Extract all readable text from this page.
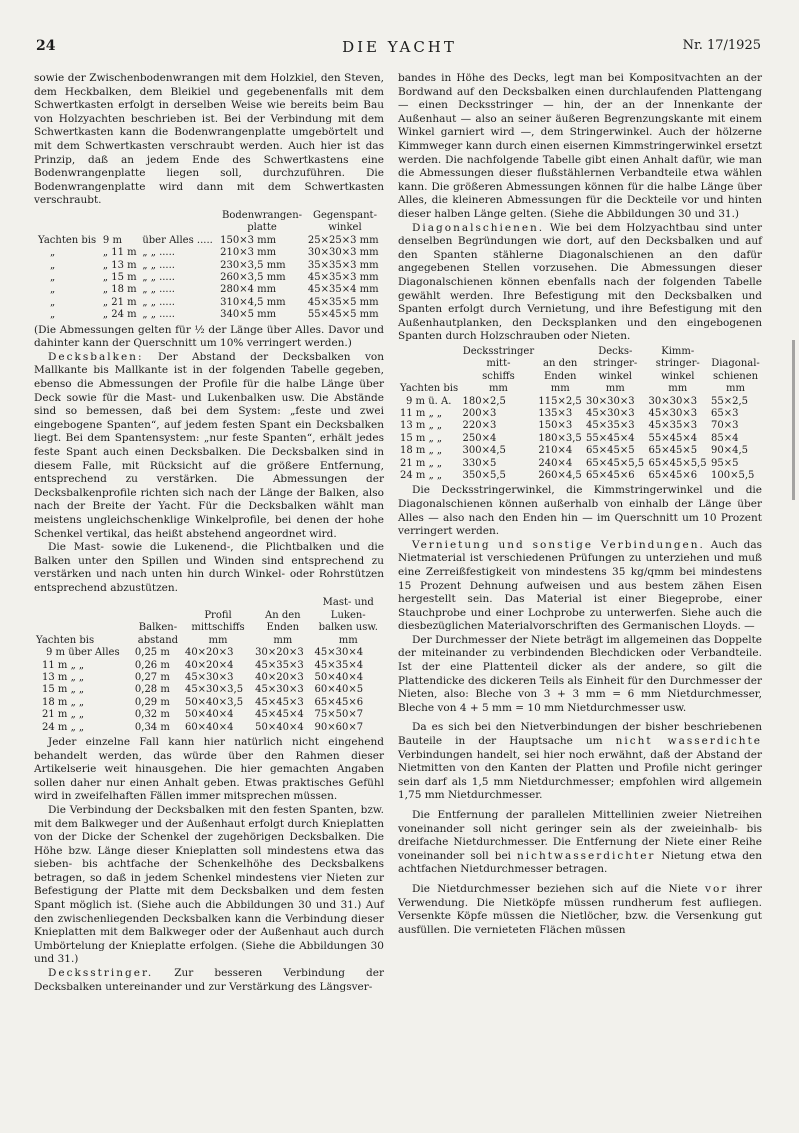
24	DIE YACHT	Nr. 17/1925

sowie der Zwischenbodenwrangen mit dem Holzkiel, den Steven, dem Heckbalken, dem Bleikiel und gegebenenfalls mit dem Schwertkasten erfolgt in derselben Weise wie bereits beim Bau von Holzyachten beschrieben ist. Bei der Verbindung mit dem Schwertkasten kann die Bodenwrangenplatte umgebörtelt und mit dem Schwertkasten verschraubt werden. Auch hier ist das Prinzip, daß an jedem Ende des Schwertkastens eine Bodenwrangenplatte liegen soll, durchzuführen. Die Bodenwrangenplatte wird dann mit dem Schwertkasten verschraubt.

			Bodenwrangen-
platte	Gegenspant-
winkel
Yachten bis	9 m	über Alles .....	150×3 mm	25×25×3 mm
„	„ 11 m	„ „ .....	210×3 mm	30×30×3 mm
„	„ 13 m	„ „ .....	230×3,5 mm	35×35×3 mm
„	„ 15 m	„ „ .....	260×3,5 mm	45×35×3 mm
„	„ 18 m	„ „ .....	280×4 mm	45×35×4 mm
„	„ 21 m	„ „ .....	310×4,5 mm	45×35×5 mm
„	„ 24 m	„ „ .....	340×5 mm	55×45×5 mm

(Die Abmessungen gelten für ½ der Länge über Alles. Davor und dahinter kann der Querschnitt um 10% verringert werden.)

Decksbalken: Der Abstand der Decksbalken von Mallkante bis Mallkante ist in der folgenden Tabelle gegeben, ebenso die Abmessungen der Profile für die halbe Länge über Deck sowie für die Mast- und Lukenbalken usw. Die Abstände sind so bemessen, daß bei dem System: „feste und zwei eingebogene Spanten“, auf jedem festen Spant ein Decksbalken liegt. Bei dem Spantensystem: „nur feste Spanten“, erhält jedes feste Spant auch einen Decksbalken. Die Decksbalken sind in diesem Falle, mit Rücksicht auf die größere Entfernung, entsprechend zu verstärken. Die Abmessungen der Decksbalkenprofile richten sich nach der Länge der Balken, also nach der Breite der Yacht. Für die Decksbalken wählt man meistens ungleichschenklige Winkelprofile, bei denen der hohe Schenkel vertikal, das heißt abstehend angeordnet wird.

Die Mast- sowie die Lukenend-, die Plichtbalken und die Balken unter den Spillen und Winden sind entsprechend zu verstärken und nach unten hin durch Winkel- oder Rohrstützen entsprechend abzustützen.

Yachten bis	Balken-
abstand	Profil
mittschiffs
mm	An den
Enden
mm	Mast- und
Luken-
balken usw.
mm
9 m über Alles	0,25 m	40×20×3	30×20×3	45×30×4
11 m „ „	0,26 m	40×20×4	45×35×3	45×35×4
13 m „ „	0,27 m	45×30×3	40×20×3	50×40×4
15 m „ „	0,28 m	45×30×3,5	45×30×3	60×40×5
18 m „ „	0,29 m	50×40×3,5	45×45×3	65×45×6
21 m „ „	0,32 m	50×40×4	45×45×4	75×50×7
24 m „ „	0,34 m	60×40×4	50×40×4	90×60×7

Jeder einzelne Fall kann hier natürlich nicht eingehend behandelt werden, das würde über den Rahmen dieser Artikelserie weit hinausgehen. Die hier gemachten Angaben sollen daher nur einen Anhalt geben. Etwas praktisches Gefühl wird in zweifelhaften Fällen immer mitsprechen müssen.

Die Verbindung der Decksbalken mit den festen Spanten, bzw. mit dem Balkweger und der Außenhaut erfolgt durch Knieplatten von der Dicke der Schenkel der zugehörigen Decksbalken. Die Höhe bzw. Länge dieser Knieplatten soll mindestens etwa das sieben- bis achtfache der Schenkelhöhe des Decksbalkens betragen, so daß in jedem Schenkel mindestens vier Nieten zur Befestigung der Platte mit dem Decksbalken und dem festen Spant möglich ist. (Siehe auch die Abbildungen 30 und 31.) Auf den zwischenliegenden Decksbalken kann die Verbindung dieser Knieplatten mit dem Balkweger oder der Außenhaut auch durch Umbörtelung der Knieplatte erfolgen. (Siehe die Abbildungen 30 und 31.)

Decksstringer. Zur besseren Verbindung der Decksbalken untereinander und zur Verstärkung des Längsver-

bandes in Höhe des Decks, legt man bei Kompositvachten an der Bordwand auf den Decksbalken einen durchlaufenden Plattengang — einen Decksstringer — hin, der an der Innenkante der Außenhaut — also an seiner äußeren Begrenzungskante mit einem Winkel garniert wird —, dem Stringerwinkel. Auch der hölzerne Kimmweger kann durch einen eisernen Kimmstringerwinkel ersetzt werden. Die nachfolgende Tabelle gibt einen Anhalt dafür, wie man die Abmessungen dieser flußstählernen Verbandteile etwa wählen kann. Die größeren Abmessungen können für die halbe Länge über Alles, die kleineren Abmessungen für die Deckteile vor und hinten dieser halben Länge gelten. (Siehe die Abbildungen 30 und 31.)

Diagonalschienen. Wie bei dem Holzyachtbau sind unter denselben Begründungen wie dort, auf den Decksbalken und auf den Spanten stählerne Diagonalschienen an den dafür angegebenen Stellen vorzusehen. Die Abmessungen dieser Diagonalschienen können ebenfalls nach der folgenden Tabelle gewählt werden. Ihre Befestigung mit den Decksbalken und Spanten erfolgt durch Vernietung, und ihre Befestigung mit den Außenhautplanken, den Decksplanken und den eingebogenen Spanten durch Holzschrauben oder Nieten.

Yachten bis	Decksstringer
mitt-
schiffs
mm	an den
Enden
mm	Decks-
stringer-
winkel
mm	Kimm-
stringer-
winkel
mm	Diagonal-
schienen
mm
9 m ü. A.	180×2,5	115×2,5	30×30×3	30×30×3	55×2,5
11 m „ „	200×3	135×3	45×30×3	45×30×3	65×3
13 m „ „	220×3	150×3	45×35×3	45×35×3	70×3
15 m „ „	250×4	180×3,5	55×45×4	55×45×4	85×4
18 m „ „	300×4,5	210×4	65×45×5	65×45×5	90×4,5
21 m „ „	330×5	240×4	65×45×5,5	65×45×5,5	95×5
24 m „ „	350×5,5	260×4,5	65×45×6	65×45×6	100×5,5

Die Decksstringerwinkel, die Kimmstringerwinkel und die Diagonalschienen können außerhalb von einhalb der Länge über Alles — also nach den Enden hin — im Querschnitt um 10 Prozent verringert werden.

Vernietung und sonstige Verbindungen. Auch das Nietmaterial ist verschiedenen Prüfungen zu unterziehen und muß eine Zerreißfestigkeit von mindestens 35 kg/qmm bei mindestens 15 Prozent Dehnung aufweisen und aus bestem zähen Eisen hergestellt sein. Das Material ist einer Biegeprobe, einer Stauchprobe und einer Lochprobe zu unterwerfen. Siehe auch die diesbezüglichen Materialvorschriften des Germanischen Lloyds. —

Der Durchmesser der Niete beträgt im allgemeinen das Doppelte der miteinander zu verbindenden Blechdicken oder Verbandteile. Ist der eine Plattenteil dicker als der andere, so gilt die Plattendicke des dickeren Teils als Einheit für den Durchmesser der Nieten, also: Bleche von 3 + 3 mm = 6 mm Nietdurchmesser, Bleche von 4 + 5 mm = 10 mm Nietdurchmesser usw.

Da es sich bei den Nietverbindungen der bisher beschriebenen Bauteile in der Hauptsache um nicht wasserdichte Verbindungen handelt, sei hier noch erwähnt, daß der Abstand der Nietmitten von den Kanten der Platten und Profile nicht geringer sein darf als 1,5 mm Nietdurchmesser; empfohlen wird allgemein 1,75 mm Nietdurchmesser.

Die Entfernung der parallelen Mittellinien zweier Nietreihen voneinander soll nicht geringer sein als der zweieinhalb- bis dreifache Nietdurchmesser. Die Entfernung der Niete einer Reihe voneinander soll bei nichtwasserdichter Nietung etwa den achtfachen Nietdurchmesser betragen.

Die Nietdurchmesser beziehen sich auf die Niete vor ihrer Verwendung. Die Nietköpfe müssen rundherum fest aufliegen. Versenkte Köpfe müssen die Nietlöcher, bzw. die Versenkung gut ausfüllen. Die vernieteten Flächen müssen
